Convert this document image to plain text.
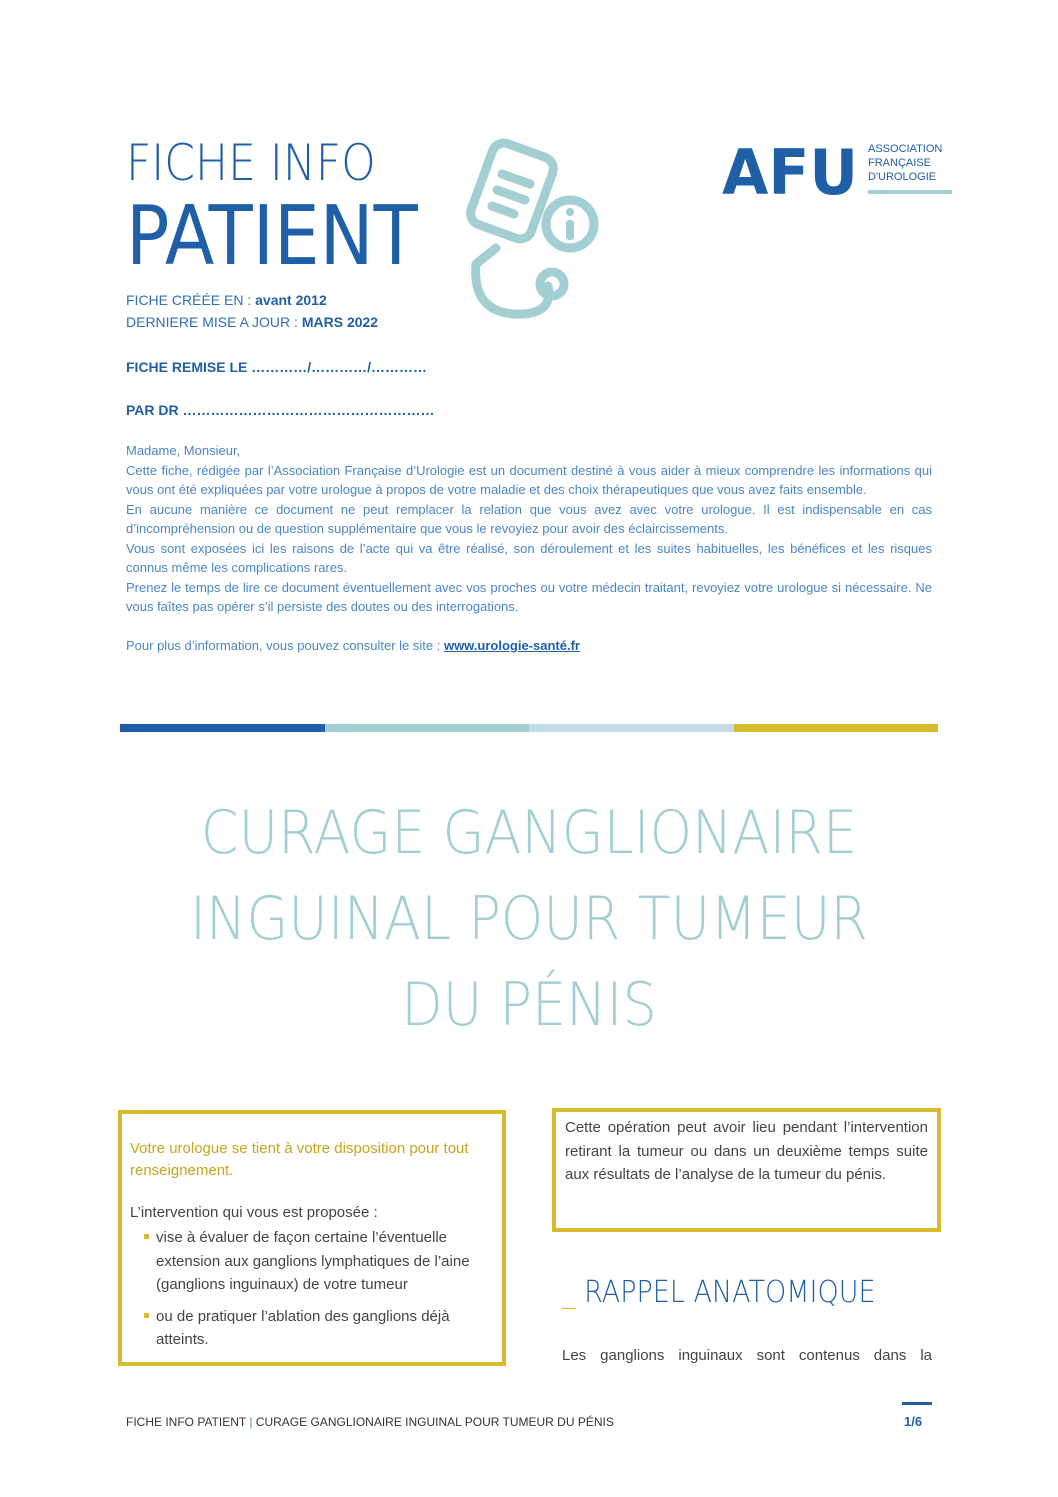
FICHE INFO
PATIENT
AFU ASSOCIATION
FRANÇAISE
D'UROLOGIE
FICHE CRÉÉE EN : avant 2012
DERNIERE MISE A JOUR : MARS 2022
FICHE REMISE LE …………/…………/…………
PAR DR ………………………………………………

Madame, Monsieur,

Cette fiche, rédigée par l’Association Française d’Urologie est un document destiné à vous aider à mieux comprendre les informations qui vous ont été expliquées par votre urologue à propos de votre maladie et des choix thérapeutiques que vous avez faits ensemble.

En aucune manière ce document ne peut remplacer la relation que vous avez avec votre urologue. Il est indispensable en cas d’incompréhension ou de question supplémentaire que vous le revoyiez pour avoir des éclaircissements.

Vous sont exposées ici les raisons de l’acte qui va être réalisé, son déroulement et les suites habituelles, les bénéfices et les risques connus même les complications rares.

Prenez le temps de lire ce document éventuellement avec vos proches ou votre médecin traitant, revoyiez votre urologue si nécessaire. Ne vous faîtes pas opérer s’il persiste des doutes ou des interrogations.

Pour plus d’information, vous pouvez consulter le site : www.urologie-santé.fr

CURAGE GANGLIONAIRE
INGUINAL POUR TUMEUR
DU PÉNIS
Votre urologue se tient à votre disposition pour tout renseignement.
L’intervention qui vous est proposée :
vise à évaluer de façon certaine l’éventuelle extension aux ganglions lymphatiques de l’aine (ganglions inguinaux) de votre tumeur
ou de pratiquer l’ablation des ganglions déjà atteints.
Cette opération peut avoir lieu pendant l’intervention retirant la tumeur ou dans un deuxième temps suite aux résultats de l’analyse de la tumeur du pénis.
_ RAPPEL ANATOMIQUE
Les ganglions inguinaux sont contenus dans la
FICHE INFO PATIENT | CURAGE GANGLIONAIRE INGUINAL POUR TUMEUR DU PÉNIS	1/6
